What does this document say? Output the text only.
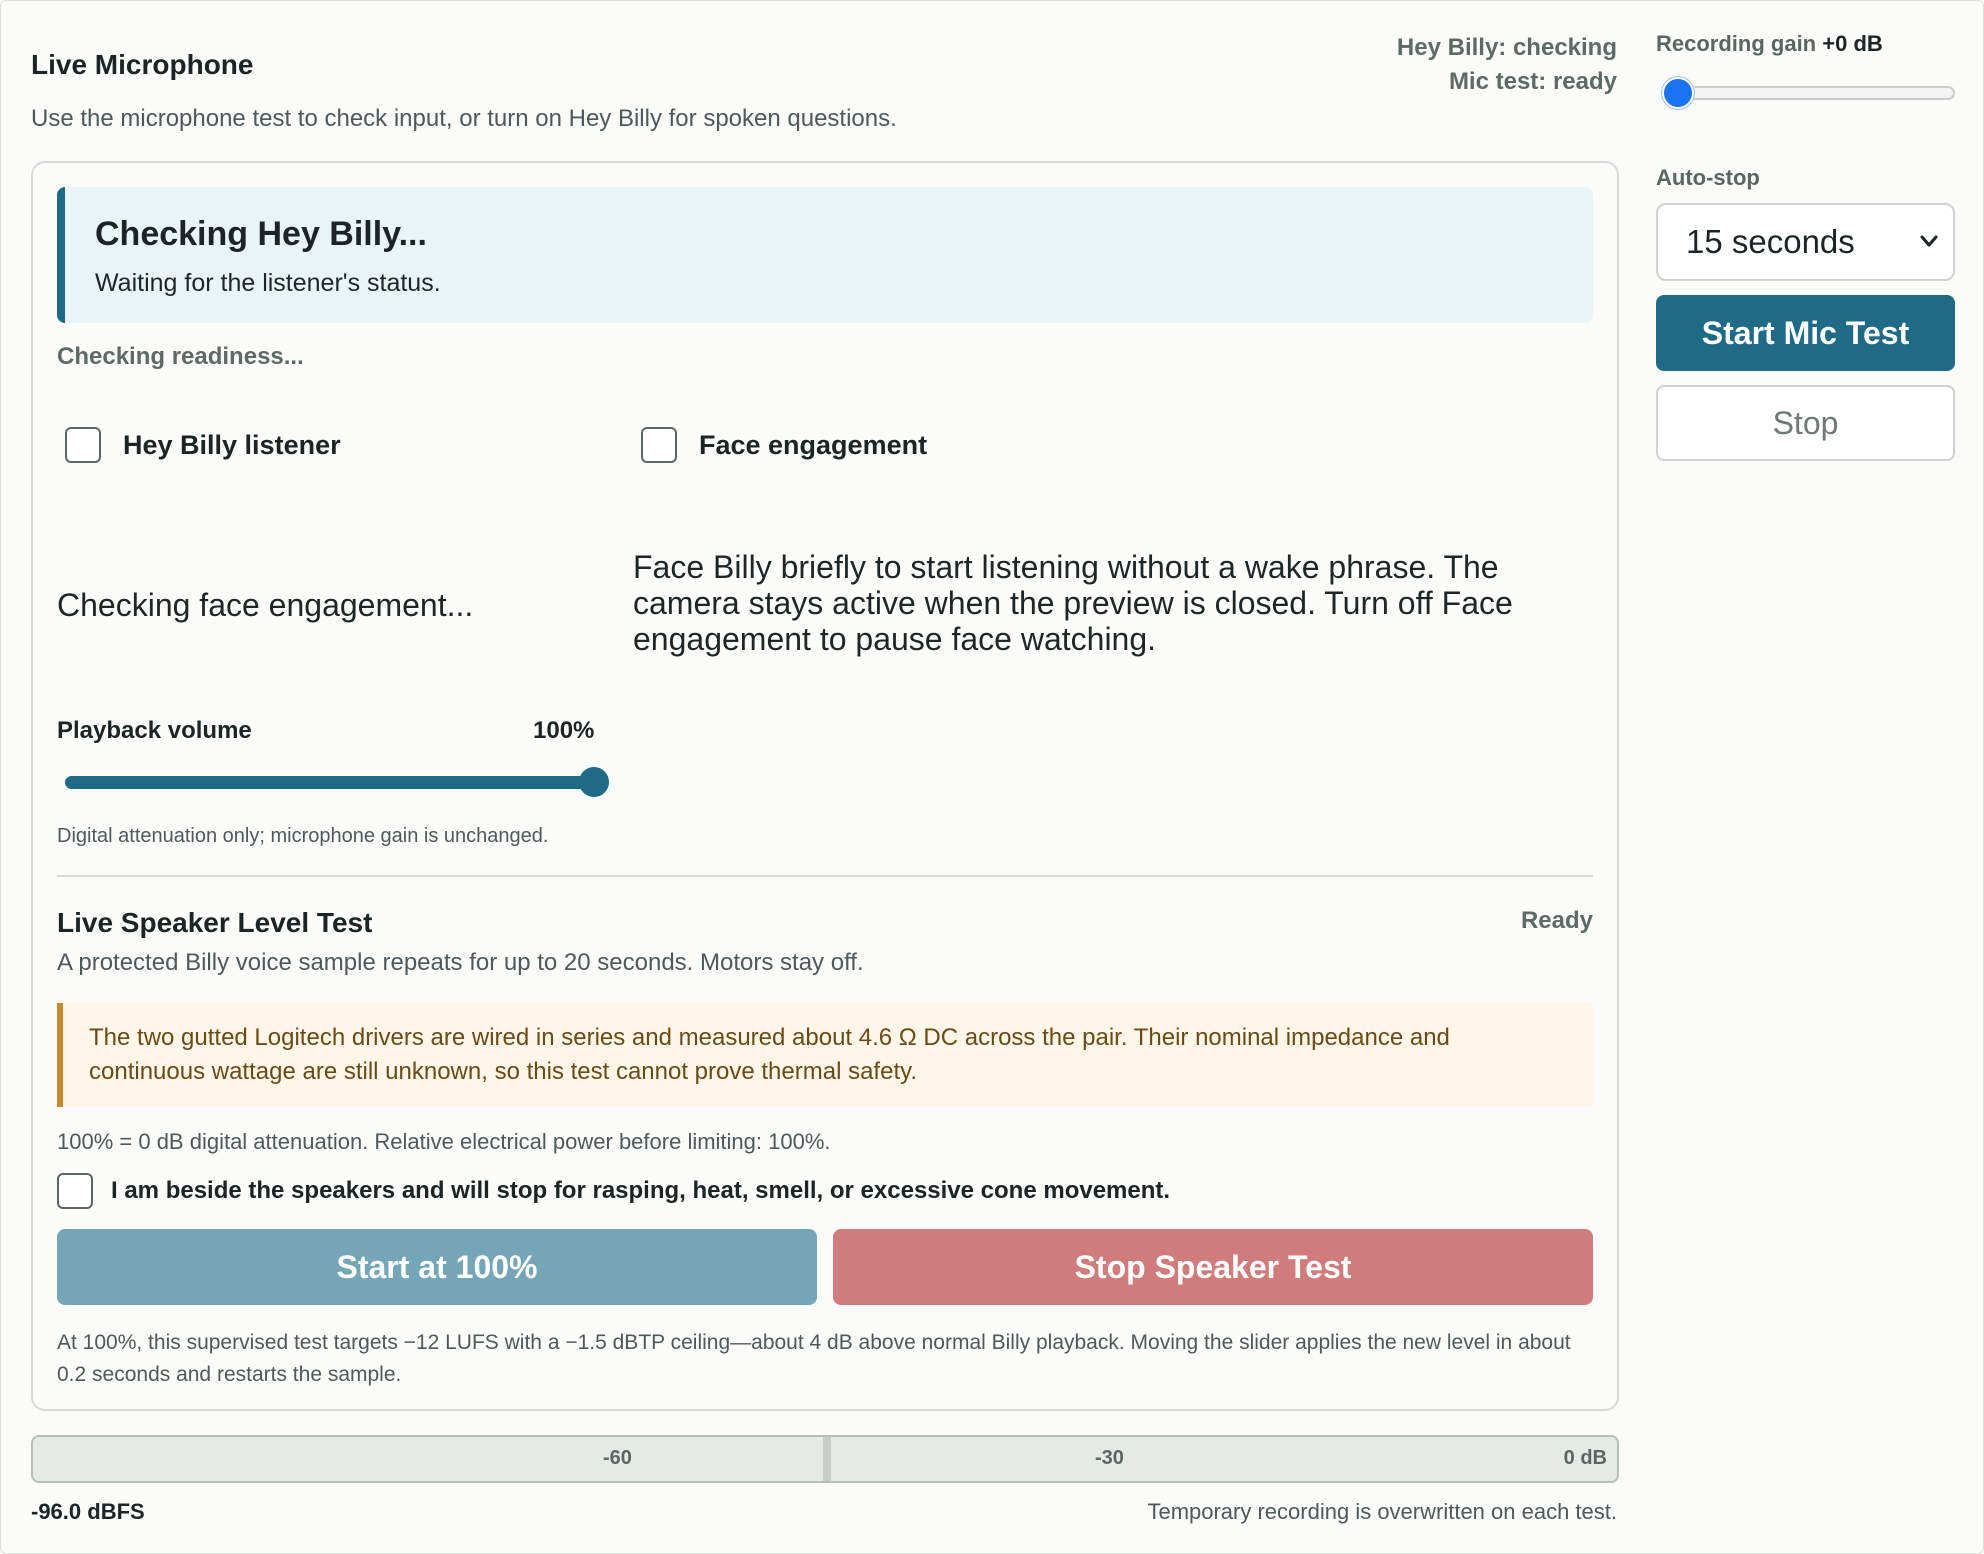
Live Microphone
Use the microphone test to check input, or turn on Hey Billy for spoken questions.
Hey Billy: checking
Mic test: ready
Recording gain +0 dB
Auto-stop
15 seconds
Start Mic Test
Stop
Checking Hey Billy...
Waiting for the listener's status.
Checking readiness...
Hey Billy listener	Face engagement
Checking face engagement...
Face Billy briefly to start listening without a wake phrase. The camera stays active when the preview is closed. Turn off Face engagement to pause face watching.
Playback volume	100%
Digital attenuation only; microphone gain is unchanged.
Live Speaker Level Test	Ready
A protected Billy voice sample repeats for up to 20 seconds. Motors stay off.
The two gutted Logitech drivers are wired in series and measured about 4.6 Ω DC across the pair. Their nominal impedance and continuous wattage are still unknown, so this test cannot prove thermal safety.
100% = 0 dB digital attenuation. Relative electrical power before limiting: 100%.
I am beside the speakers and will stop for rasping, heat, smell, or excessive cone movement.
Start at 100%	Stop Speaker Test
At 100%, this supervised test targets −12 LUFS with a −1.5 dBTP ceiling—about 4 dB above normal Billy playback. Moving the slider applies the new level in about 0.2 seconds and restarts the sample.
-60	-30	0 dB
-96.0 dBFS	Temporary recording is overwritten on each test.
